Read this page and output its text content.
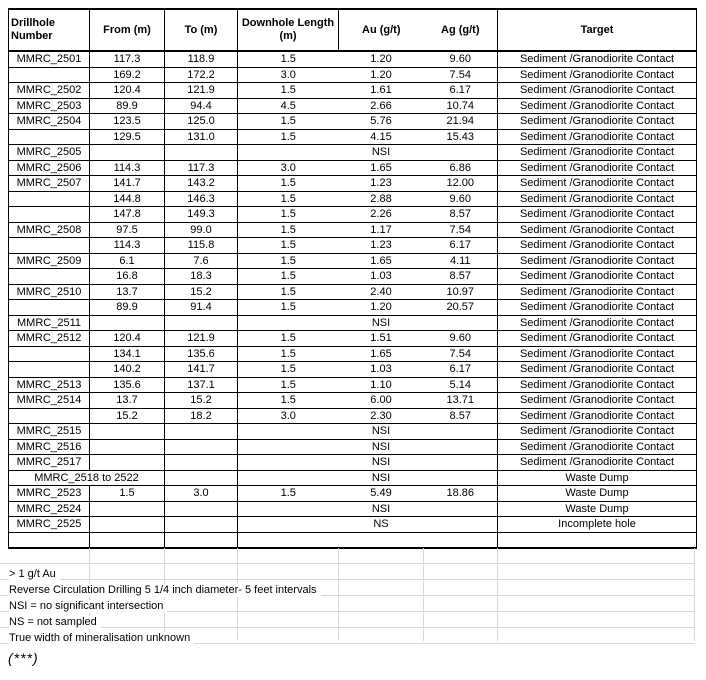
Drillhole Number	From (m)	To (m)	Downhole Length (m)	Au (g/t)	Ag (g/t)	Target
MMRC_2501	117.3	118.9	1.5	1.20	9.60	Sediment /Granodiorite Contact
	169.2	172.2	3.0	1.20	7.54	Sediment /Granodiorite Contact
MMRC_2502	120.4	121.9	1.5	1.61	6.17	Sediment /Granodiorite Contact
MMRC_2503	89.9	94.4	4.5	2.66	10.74	Sediment /Granodiorite Contact
MMRC_2504	123.5	125.0	1.5	5.76	21.94	Sediment /Granodiorite Contact
	129.5	131.0	1.5	4.15	15.43	Sediment /Granodiorite Contact
MMRC_2505				NSI		Sediment /Granodiorite Contact
MMRC_2506	114.3	117.3	3.0	1.65	6.86	Sediment /Granodiorite Contact
MMRC_2507	141.7	143.2	1.5	1.23	12.00	Sediment /Granodiorite Contact
	144.8	146.3	1.5	2.88	9.60	Sediment /Granodiorite Contact
	147.8	149.3	1.5	2.26	8.57	Sediment /Granodiorite Contact
MMRC_2508	97.5	99.0	1.5	1.17	7.54	Sediment /Granodiorite Contact
	114.3	115.8	1.5	1.23	6.17	Sediment /Granodiorite Contact
MMRC_2509	6.1	7.6	1.5	1.65	4.11	Sediment /Granodiorite Contact
	16.8	18.3	1.5	1.03	8.57	Sediment /Granodiorite Contact
MMRC_2510	13.7	15.2	1.5	2.40	10.97	Sediment /Granodiorite Contact
	89.9	91.4	1.5	1.20	20.57	Sediment /Granodiorite Contact
MMRC_2511				NSI		Sediment /Granodiorite Contact
MMRC_2512	120.4	121.9	1.5	1.51	9.60	Sediment /Granodiorite Contact
	134.1	135.6	1.5	1.65	7.54	Sediment /Granodiorite Contact
	140.2	141.7	1.5	1.03	6.17	Sediment /Granodiorite Contact
MMRC_2513	135.6	137.1	1.5	1.10	5.14	Sediment /Granodiorite Contact
MMRC_2514	13.7	15.2	1.5	6.00	13.71	Sediment /Granodiorite Contact
	15.2	18.2	3.0	2.30	8.57	Sediment /Granodiorite Contact
MMRC_2515				NSI		Sediment /Granodiorite Contact
MMRC_2516				NSI		Sediment /Granodiorite Contact
MMRC_2517				NSI		Sediment /Granodiorite Contact
MMRC_2518 to 2522				NSI		Waste Dump
MMRC_2523	1.5	3.0	1.5	5.49	18.86	Waste Dump
MMRC_2524				NSI		Waste Dump
MMRC_2525				NS		Incomplete hole

> 1 g/t Au
Reverse Circulation Drilling 5 1/4 inch diameter- 5 feet intervals
NSI = no significant intersection
NS = not sampled
True width of mineralisation unknown
(***)
